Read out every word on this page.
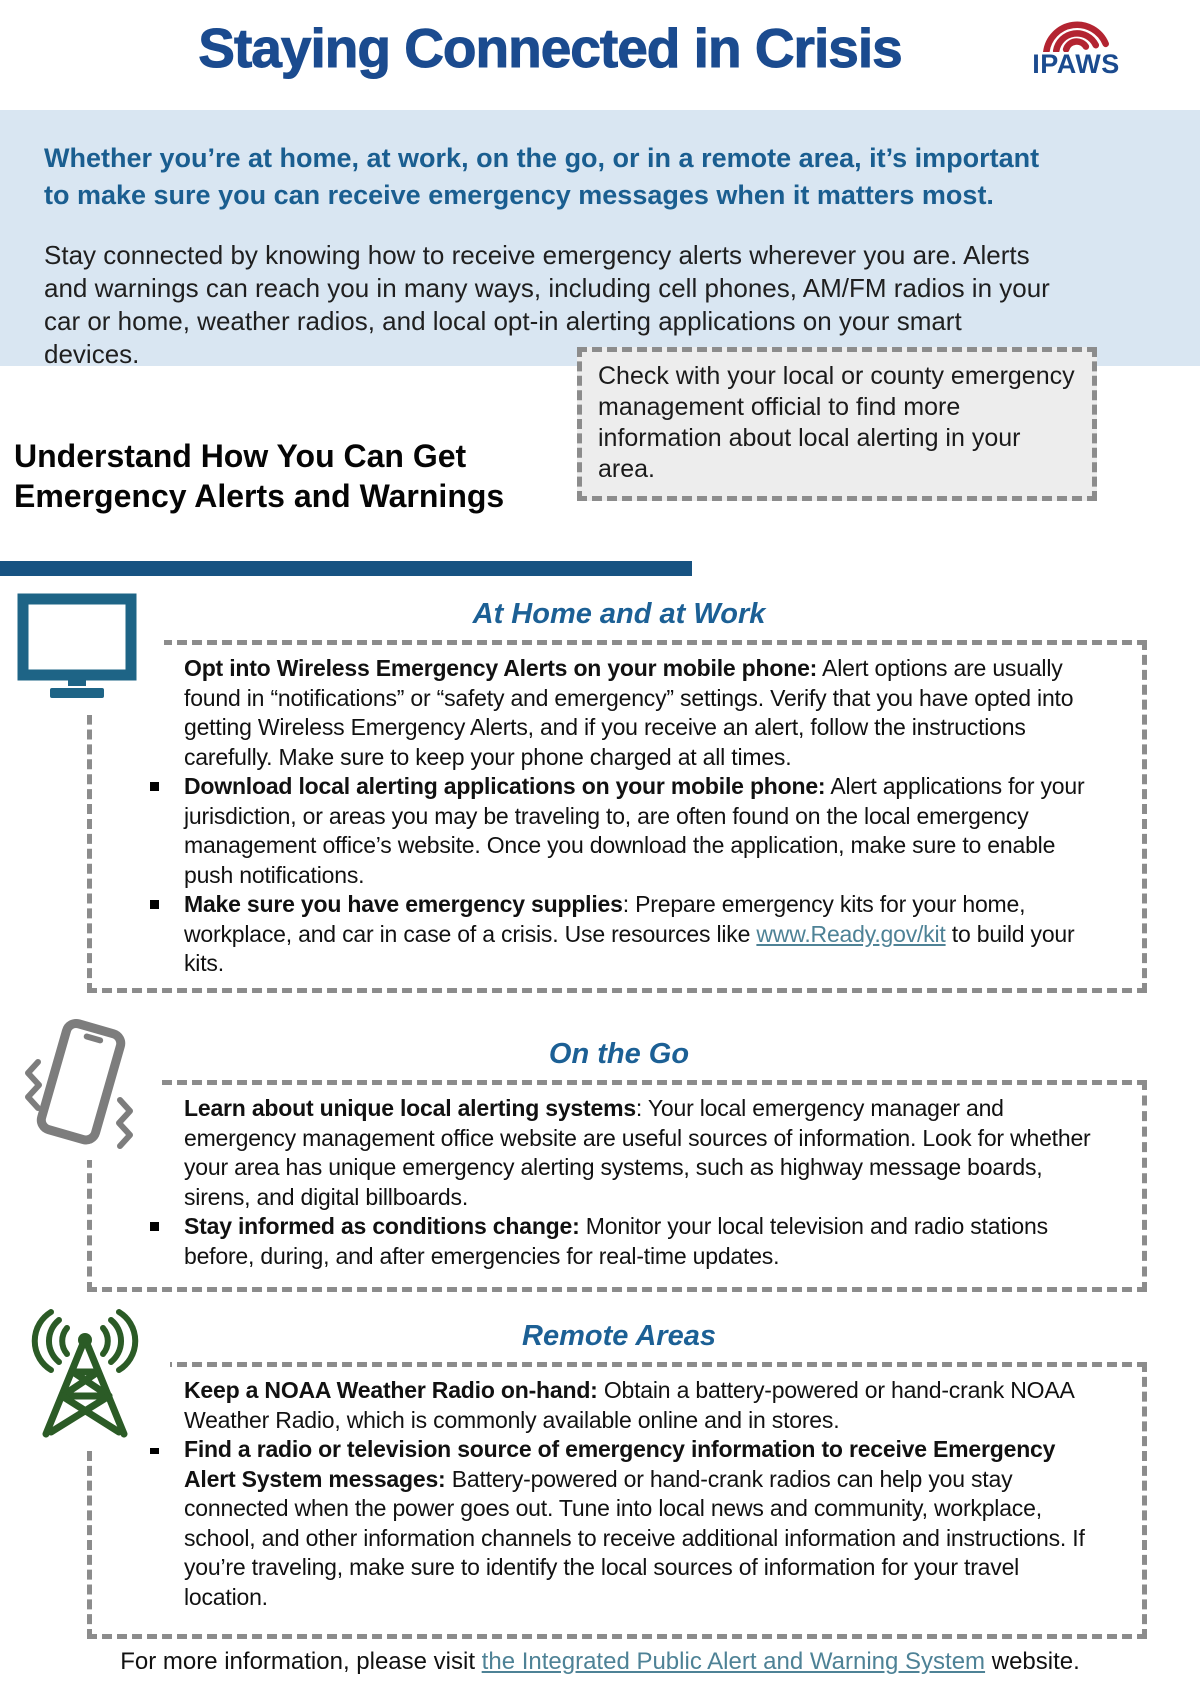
Staying Connected in Crisis	IPAWS

Whether you’re at home, at work, on the go, or in a remote area, it’s important to make sure you can receive emergency messages when it matters most.

Stay connected by knowing how to receive emergency alerts wherever you are. Alerts and warnings can reach you in many ways, including cell phones, AM/FM radios in your car or home, weather radios, and local opt-in alerting applications on your smart devices.

Check with your local or county emergency management official to find more information about local alerting in your area.
Understand How You Can Get
Emergency Alerts and Warnings
At Home and at Work
Opt into Wireless Emergency Alerts on your mobile phone: Alert options are usually found in “notifications” or “safety and emergency” settings. Verify that you have opted into getting Wireless Emergency Alerts, and if you receive an alert, follow the instructions carefully. Make sure to keep your phone charged at all times.
Download local alerting applications on your mobile phone: Alert applications for your jurisdiction, or areas you may be traveling to, are often found on the local emergency management office’s website. Once you download the application, make sure to enable push notifications.
Make sure you have emergency supplies: Prepare emergency kits for your home, workplace, and car in case of a crisis. Use resources like www.Ready.gov/kit to build your kits.
On the Go
Learn about unique local alerting systems: Your local emergency manager and emergency management office website are useful sources of information. Look for whether your area has unique emergency alerting systems, such as highway message boards, sirens, and digital billboards.
Stay informed as conditions change: Monitor your local television and radio stations before, during, and after emergencies for real-time updates.
Remote Areas
Keep a NOAA Weather Radio on-hand: Obtain a battery-powered or hand-crank NOAA Weather Radio, which is commonly available online and in stores.
Find a radio or television source of emergency information to receive Emergency Alert System messages: Battery-powered or hand-crank radios can help you stay connected when the power goes out. Tune into local news and community, workplace, school, and other information channels to receive additional information and instructions. If you’re traveling, make sure to identify the local sources of information for your travel location.
For more information, please visit the Integrated Public Alert and Warning System website.
